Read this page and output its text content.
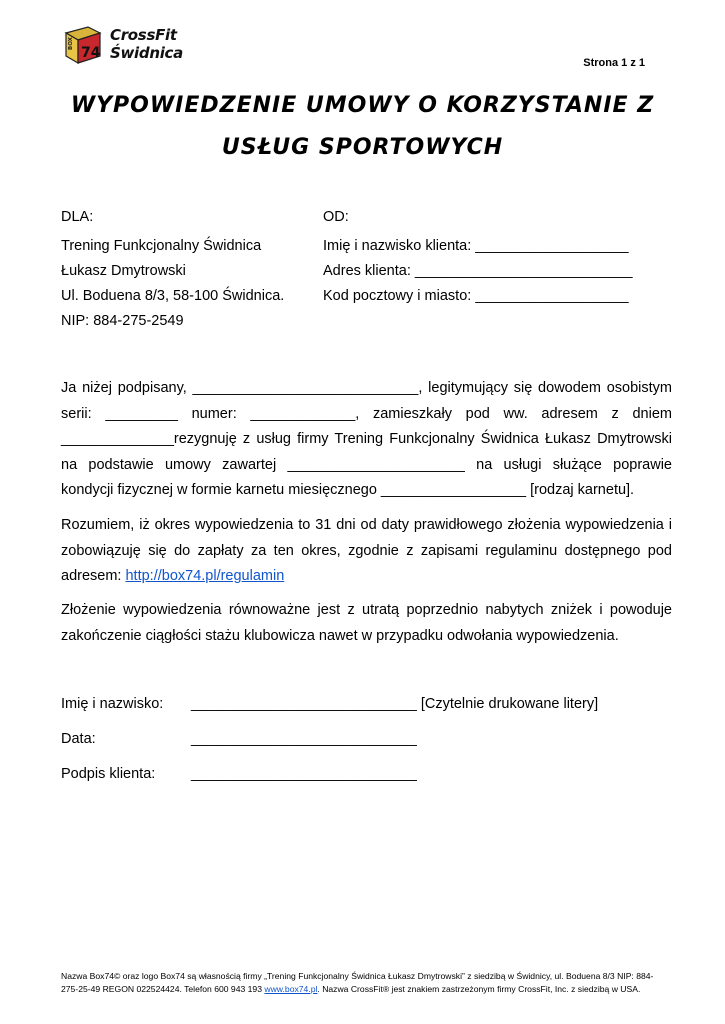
BOX
74
CrossFit
Świdnica
Strona 1 z 1
WYPOWIEDZENIE UMOWY O KORZYSTANIE Z
USŁUG SPORTOWYCH
DLA:
Trening Funkcjonalny Świdnica
Łukasz Dmytrowski
Ul. Boduena 8/3, 58-100 Świdnica.
NIP: 884-275-2549
OD:
Imię i nazwisko klienta: ___________________
Adres klienta: ___________________________
Kod pocztowy i miasto: ___________________
Ja niżej podpisany, ____________________________, legitymujący się dowodem osobistym
serii: _________ numer: _____________, zamieszkały pod ww. adresem z dniem
______________rezygnuję z usług firmy Trening Funkcjonalny Świdnica Łukasz Dmytrowski
na podstawie umowy zawartej ______________________ na usługi służące poprawie
kondycji fizycznej w formie karnetu miesięcznego __________________ [rodzaj karnetu].
Rozumiem, iż okres wypowiedzenia to 31 dni od daty prawidłowego złożenia wypowiedzenia i
zobowiązuję się do zapłaty za ten okres, zgodnie z zapisami regulaminu dostępnego pod
adresem: http://box74.pl/regulamin
Złożenie wypowiedzenia równoważne jest z utratą poprzednio nabytych zniżek i powoduje
zakończenie ciągłości stażu klubowicza nawet w przypadku odwołania wypowiedzenia.
Imię i nazwisko: ____________________________ [Czytelnie drukowane litery]
Data:	____________________________
Podpis klienta: ____________________________
Nazwa Box74© oraz logo Box74 są własnością firmy „Trening Funkcjonalny Świdnica Łukasz Dmytrowski” z siedzibą w Świdnicy, ul. Boduena 8/3 NIP: 884-
275-25-49 REGON 022524424. Telefon 600 943 193 www.box74.pl. Nazwa CrossFit® jest znakiem zastrzeżonym firmy CrossFit, Inc. z siedzibą w USA.
